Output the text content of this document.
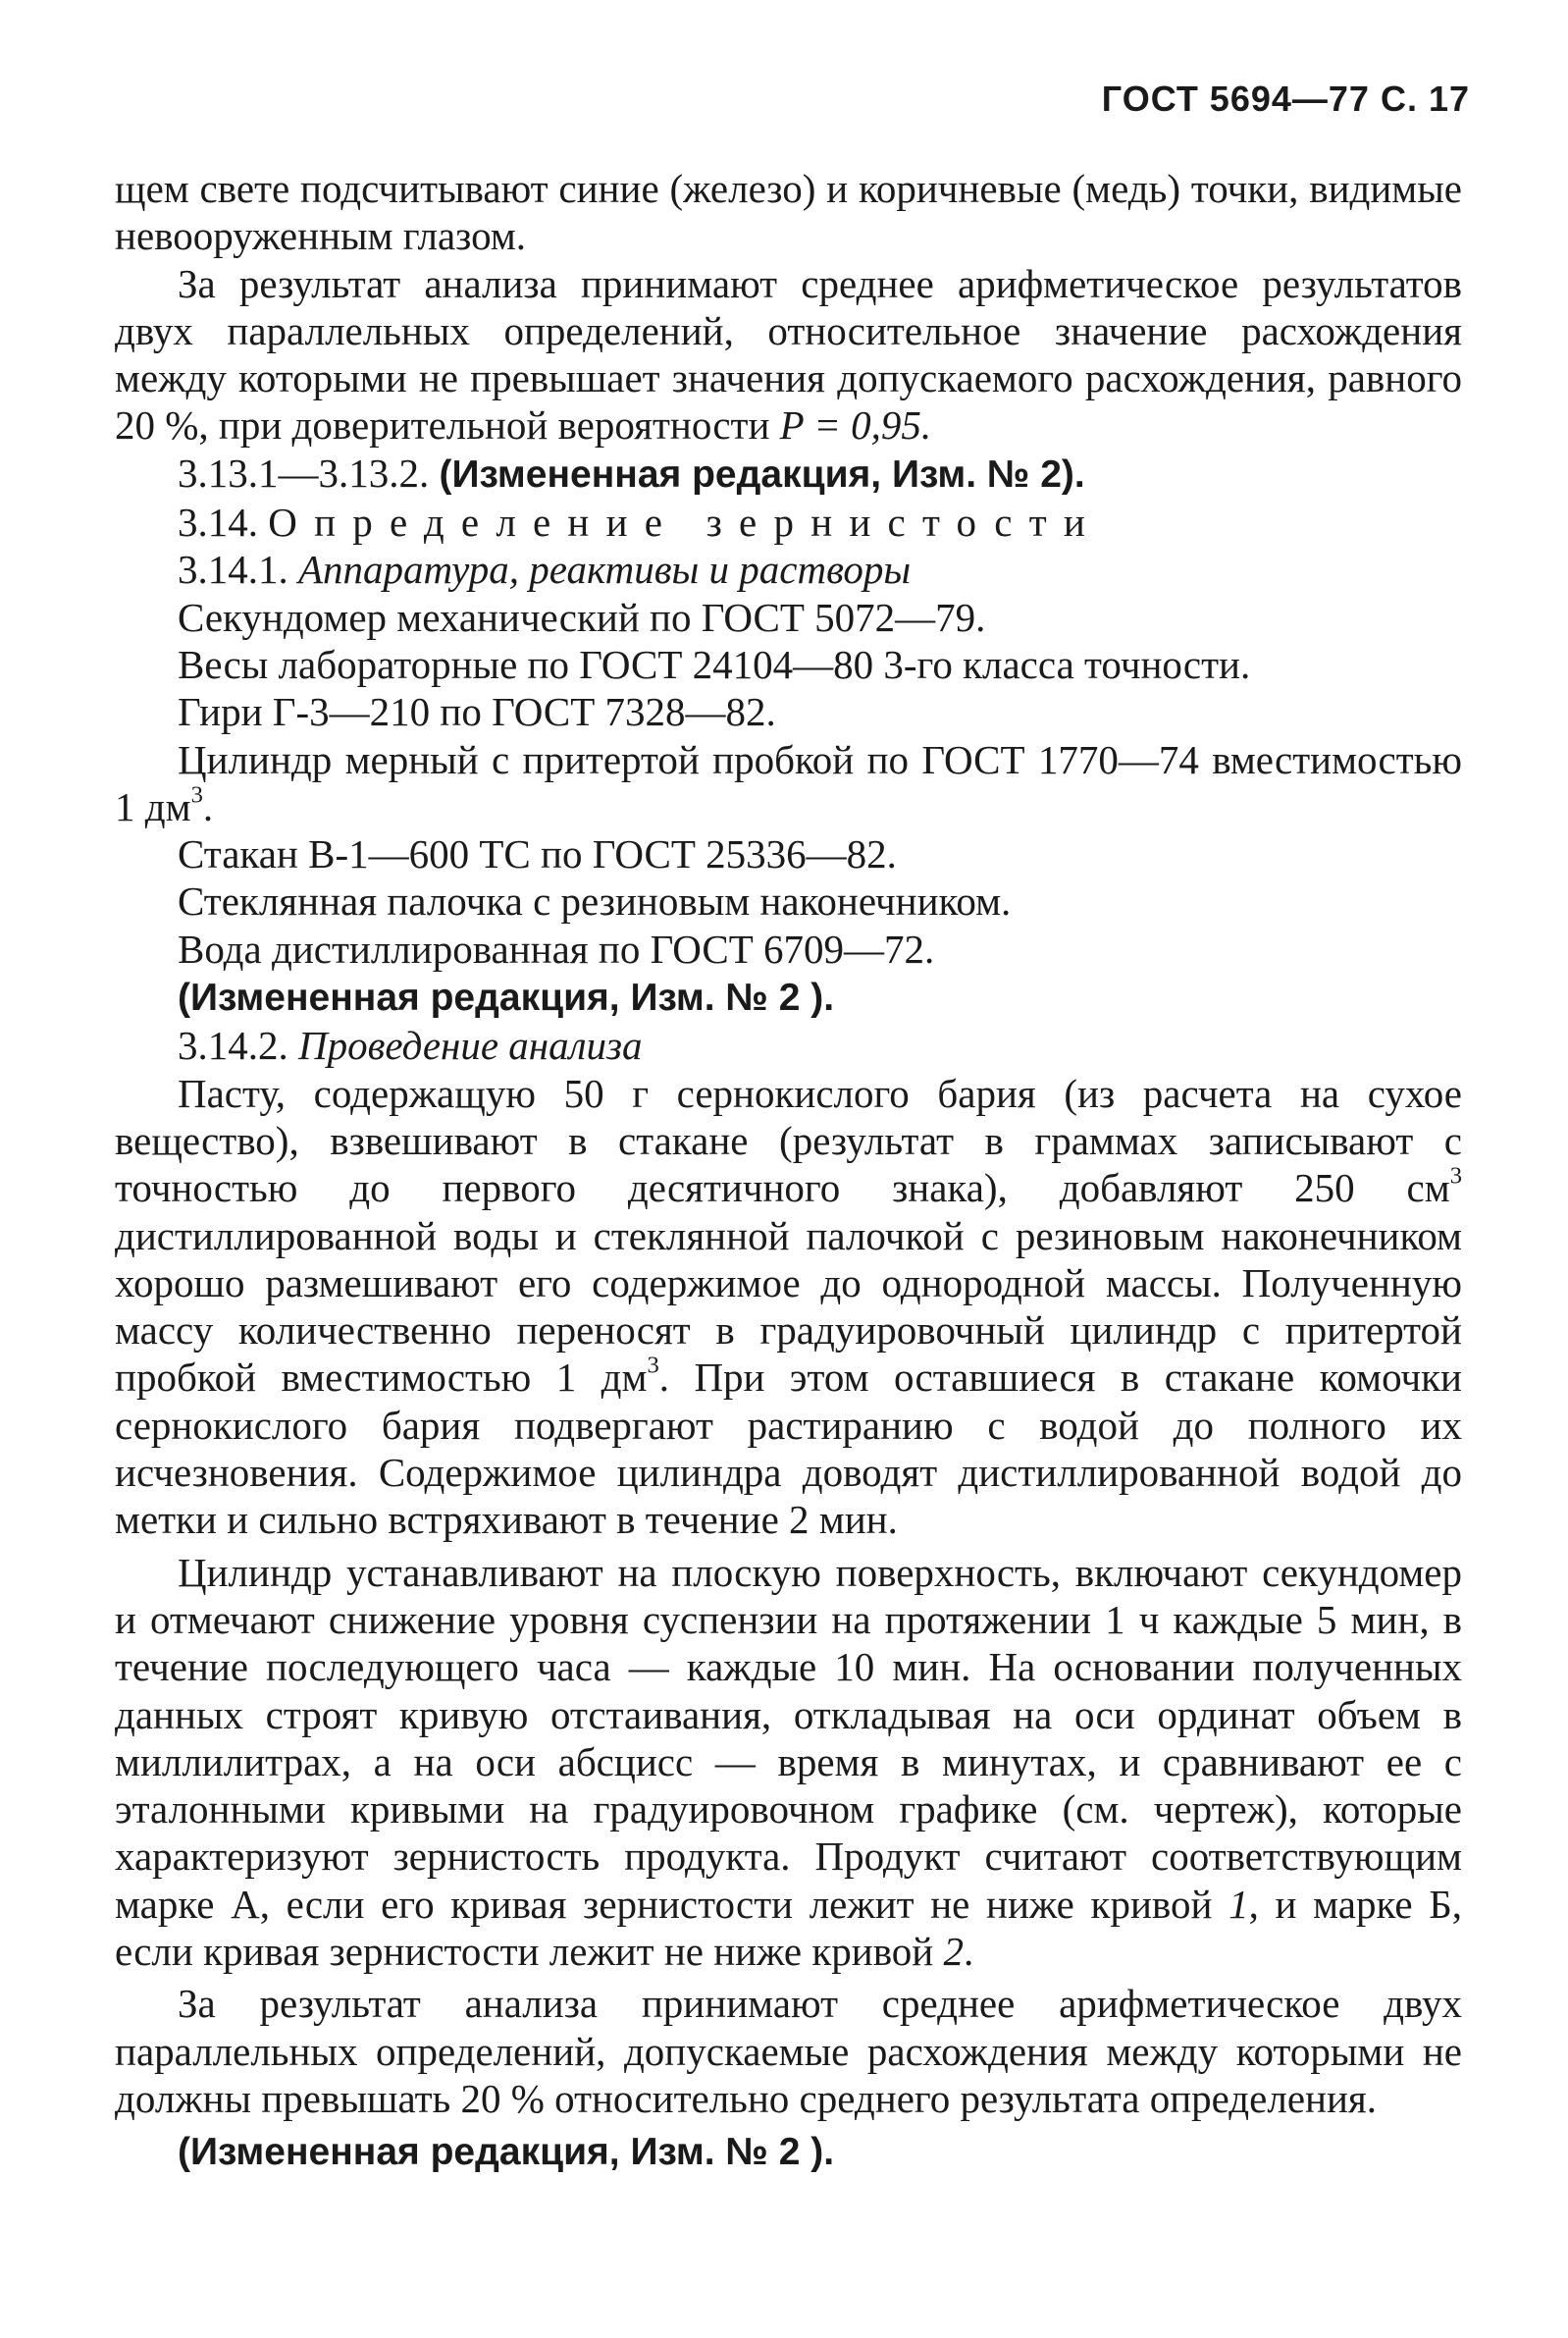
ГОСТ 5694—77 С. 17

щем свете подсчитывают синие (железо) и коричневые (медь) точки, видимые невооруженным глазом.

За результат анализа принимают среднее арифметическое результатов двух параллельных определений, относительное значение расхождения между которыми не превышает значения допускаемого расхождения, равного 20 %, при доверительной вероятности P = 0,95.

3.13.1—3.13.2. (Измененная редакция, Изм. № 2).

3.14. Определение зернистости

3.14.1. Аппаратура, реактивы и растворы

Секундомер механический по ГОСТ 5072—79.

Весы лабораторные по ГОСТ 24104—80 3-го класса точности.

Гири Г-3—210 по ГОСТ 7328—82.

Цилиндр мерный с притертой пробкой по ГОСТ 1770—74 вместимостью 1 $дм^3$.

Стакан В-1—600 ТС по ГОСТ 25336—82.

Стеклянная палочка с резиновым наконечником.

Вода дистиллированная по ГОСТ 6709—72.

(Измененная редакция, Изм. № 2 ).

3.14.2. Проведение анализа

Пасту, содержащую 50 г сернокислого бария (из расчета на сухое вещество), взвешивают в стакане (результат в граммах записывают с точностью до первого десятичного знака), добавляют 250 $см^3$ дистиллированной воды и стеклянной палочкой с резиновым наконечником хорошо размешивают его содержимое до однородной массы. Полученную массу количественно переносят в градуировочный цилиндр с притертой пробкой вместимостью 1 $дм^3$. При этом оставшиеся в стакане комочки сернокислого бария подвергают растиранию с водой до полного их исчезновения. Содержимое цилиндра доводят дистиллированной водой до метки и сильно встряхивают в течение 2 мин.

Цилиндр устанавливают на плоскую поверхность, включают секундомер и отмечают снижение уровня суспензии на протяжении 1 ч каждые 5 мин, в течение последующего часа — каждые 10 мин. На основании полученных данных строят кривую отстаивания, откладывая на оси ординат объем в миллилитрах, а на оси абсцисс — время в минутах, и сравнивают ее с эталонными кривыми на градуировочном графике (см. чертеж), которые характеризуют зернистость продукта. Продукт считают соответствующим марке А, если его кривая зернистости лежит не ниже кривой 1, и марке Б, если кривая зернистости лежит не ниже кривой 2.

За результат анализа принимают среднее арифметическое двух параллельных определений, допускаемые расхождения между которыми не должны превышать 20 % относительно среднего результата определения.

(Измененная редакция, Изм. № 2 ).
